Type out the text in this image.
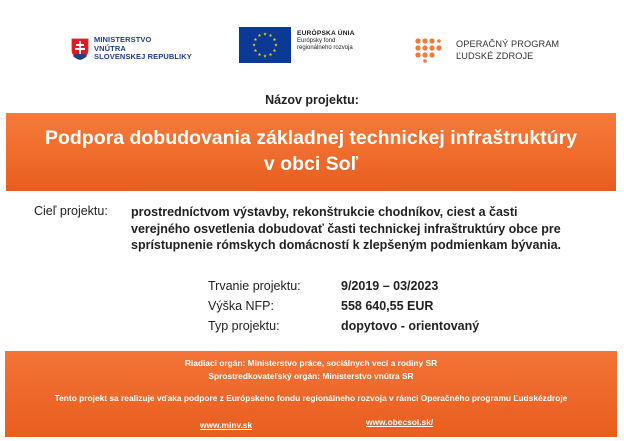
MINISTERSTVO
VNÚTRA
SLOVENSKEJ REPUBLIKY
EURÓPSKA ÚNIA
Európsky fond
regionálneho rozvoja	OPERAČNÝ PROGRAM
ĽUDSKÉ ZDROJE
Názov projektu:
Podpora dobudovania základnej technickej infraštruktúry
v obci Soľ
Cieľ projektu: prostredníctvom výstavby, rekonštrukcie chodníkov, ciest a časti
verejného osvetlenia dobudovať časti technickej infraštruktúry obce pre
sprístupnenie rómskych domácností k zlepšeným podmienkam bývania.
Trvanie projektu:	9/2019 – 03/2023
Výška NFP:	558 640,55 EUR
Typ projektu:	dopytovo - orientovaný
Riadiaci orgán: Ministerstvo práce, sociálnych vecí a rodiny SR
Sprostredkovateľský orgán: Ministerstvo vnútra SR
Tento projekt sa realizuje vďaka podpore z Európskeho fondu regionálneho rozvoja v rámci Operačného programu Ľudskézdroje
www.minv.sk	www.obecsol.sk/
